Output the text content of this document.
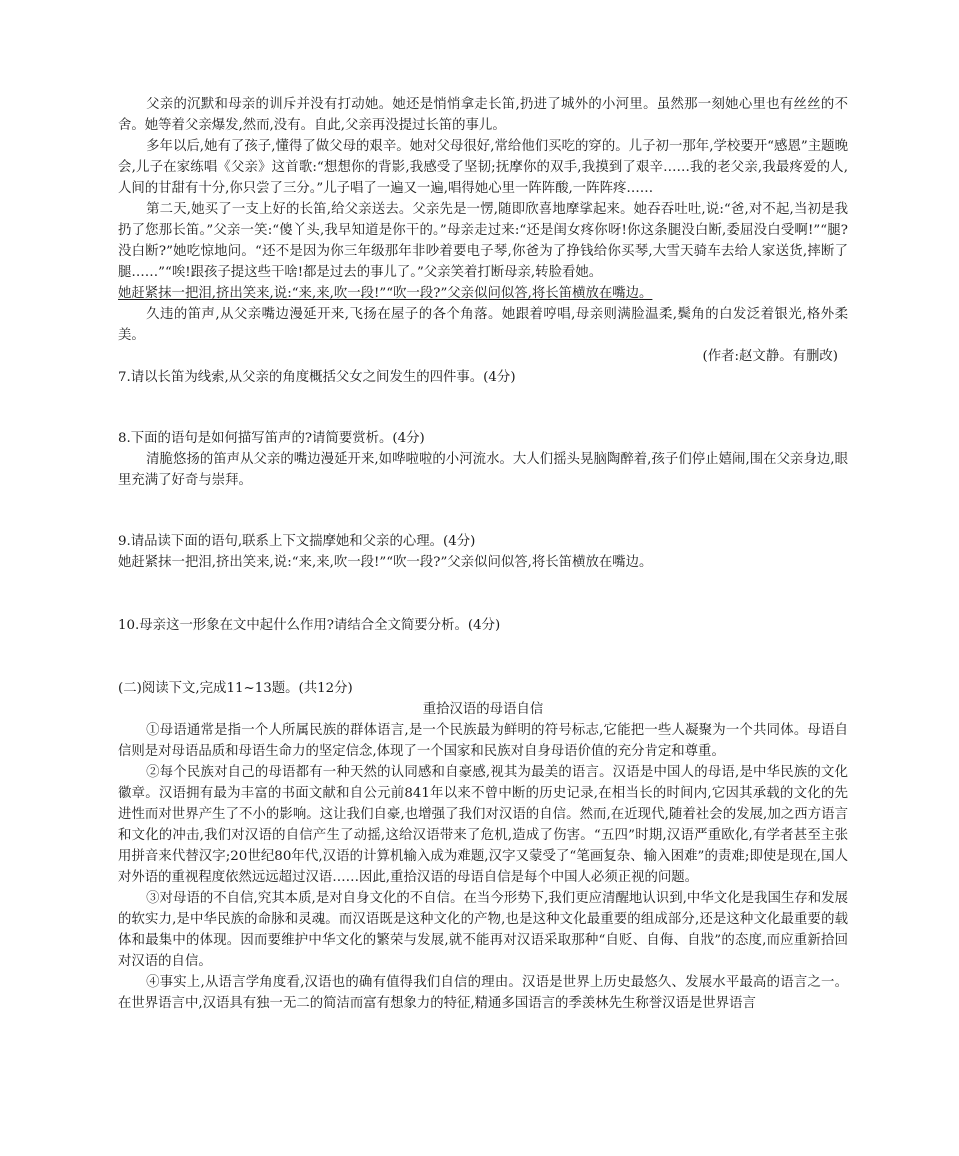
父亲的沉默和母亲的训斥并没有打动她。她还是悄悄拿走长笛,扔进了城外的小河里。虽然那一刻她心里也有丝丝的不舍。她等着父亲爆发,然而,没有。自此,父亲再没提过长笛的事儿。

多年以后,她有了孩子,懂得了做父母的艰辛。她对父母很好,常给他们买吃的穿的。儿子初一那年,学校要开“感恩”主题晚会,儿子在家练唱《父亲》这首歌:“想想你的背影,我感受了坚韧;抚摩你的双手,我摸到了艰辛……我的老父亲,我最疼爱的人,人间的甘甜有十分,你只尝了三分。”儿子唱了一遍又一遍,唱得她心里一阵阵酸,一阵阵疼……

第二天,她买了一支上好的长笛,给父亲送去。父亲先是一愣,随即欣喜地摩挲起来。她吞吞吐吐,说:“爸,对不起,当初是我扔了您那长笛。”父亲一笑:“傻丫头,我早知道是你干的。”母亲走过来:“还是闺女疼你呀!你这条腿没白断,委屈没白受啊!”“腿?没白断?”她吃惊地问。“还不是因为你三年级那年非吵着要电子琴,你爸为了挣钱给你买琴,大雪天骑车去给人家送货,摔断了腿……”“唉!跟孩子提这些干啥!都是过去的事儿了。”父亲笑着打断母亲,转脸看她。

她赶紧抹一把泪,挤出笑来,说:“来,来,吹一段!”“吹一段?”父亲似问似答,将长笛横放在嘴边。

久违的笛声,从父亲嘴边漫延开来,飞扬在屋子的各个角落。她跟着哼唱,母亲则满脸温柔,鬓角的白发泛着银光,格外柔美。

(作者:赵文静。有删改)

7.请以长笛为线索,从父亲的角度概括父女之间发生的四件事。(4分)

8.下面的语句是如何描写笛声的?请简要赏析。(4分)

清脆悠扬的笛声从父亲的嘴边漫延开来,如哗啦啦的小河流水。大人们摇头晃脑陶醉着,孩子们停止嬉闹,围在父亲身边,眼里充满了好奇与崇拜。

9.请品读下面的语句,联系上下文揣摩她和父亲的心理。(4分)

她赶紧抹一把泪,挤出笑来,说:“来,来,吹一段!”“吹一段?”父亲似问似答,将长笛横放在嘴边。

10.母亲这一形象在文中起什么作用?请结合全文简要分析。(4分)

(二)阅读下文,完成11~13题。(共12分)

重拾汉语的母语自信

①母语通常是指一个人所属民族的群体语言,是一个民族最为鲜明的符号标志,它能把一些人凝聚为一个共同体。母语自信则是对母语品质和母语生命力的坚定信念,体现了一个国家和民族对自身母语价值的充分肯定和尊重。

②每个民族对自己的母语都有一种天然的认同感和自豪感,视其为最美的语言。汉语是中国人的母语,是中华民族的文化徽章。汉语拥有最为丰富的书面文献和自公元前841年以来不曾中断的历史记录,在相当长的时间内,它因其承载的文化的先进性而对世界产生了不小的影响。这让我们自豪,也增强了我们对汉语的自信。然而,在近现代,随着社会的发展,加之西方语言和文化的冲击,我们对汉语的自信产生了动摇,这给汉语带来了危机,造成了伤害。“五四”时期,汉语严重欧化,有学者甚至主张用拼音来代替汉字;20世纪80年代,汉语的计算机输入成为难题,汉字又蒙受了“笔画复杂、输入困难”的责难;即使是现在,国人对外语的重视程度依然远远超过汉语……因此,重拾汉语的母语自信是每个中国人必须正视的问题。

③对母语的不自信,究其本质,是对自身文化的不自信。在当今形势下,我们更应清醒地认识到,中华文化是我国生存和发展的软实力,是中华民族的命脉和灵魂。而汉语既是这种文化的产物,也是这种文化最重要的组成部分,还是这种文化最重要的载体和最集中的体现。因而要维护中华文化的繁荣与发展,就不能再对汉语采取那种“自贬、自侮、自戕”的态度,而应重新拾回对汉语的自信。

④事实上,从语言学角度看,汉语也的确有值得我们自信的理由。汉语是世界上历史最悠久、发展水平最高的语言之一。在世界语言中,汉语具有独一无二的简洁而富有想象力的特征,精通多国语言的季羡林先生称誉汉语是世界语言
